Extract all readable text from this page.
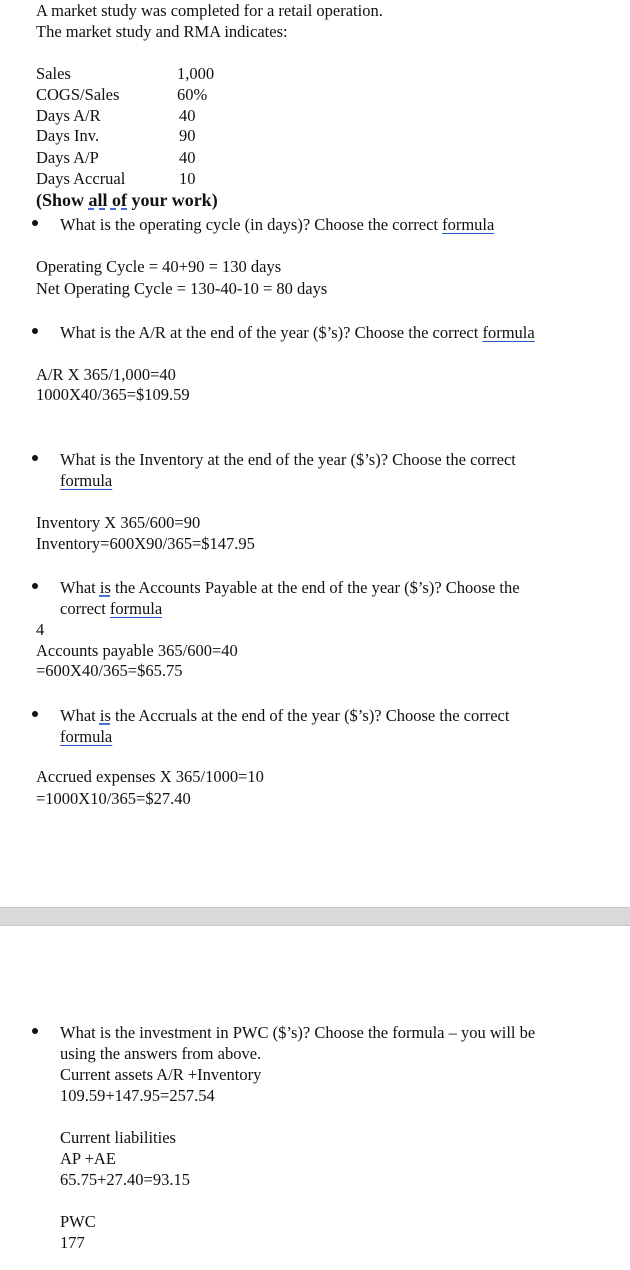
A market study was completed for a retail operation.
The market study and RMA indicates:
Sales	1,000
COGS/Sales	60%
Days A/R	40
Days Inv.	90
Days A/P	40
Days Accrual	10
(Show all of your work)
What is the operating cycle (in days)? Choose the correct formula
Operating Cycle = 40+90 = 130 days
Net Operating Cycle = 130-40-10 = 80 days
What is the A/R at the end of the year ($’s)? Choose the correct formula
A/R X 365/1,000=40
1000X40/365=$109.59
What is the Inventory at the end of the year ($’s)? Choose the correct
formula
Inventory X 365/600=90
Inventory=600X90/365=$147.95
What is the Accounts Payable at the end of the year ($’s)? Choose the
correct formula
4
Accounts payable 365/600=40
=600X40/365=$65.75
What is the Accruals at the end of the year ($’s)? Choose the correct
formula
Accrued expenses X 365/1000=10
=1000X10/365=$27.40
What is the investment in PWC ($’s)? Choose the formula – you will be
using the answers from above.
Current assets A/R +Inventory
109.59+147.95=257.54
Current liabilities
AP +AE
65.75+27.40=93.15
PWC
177
